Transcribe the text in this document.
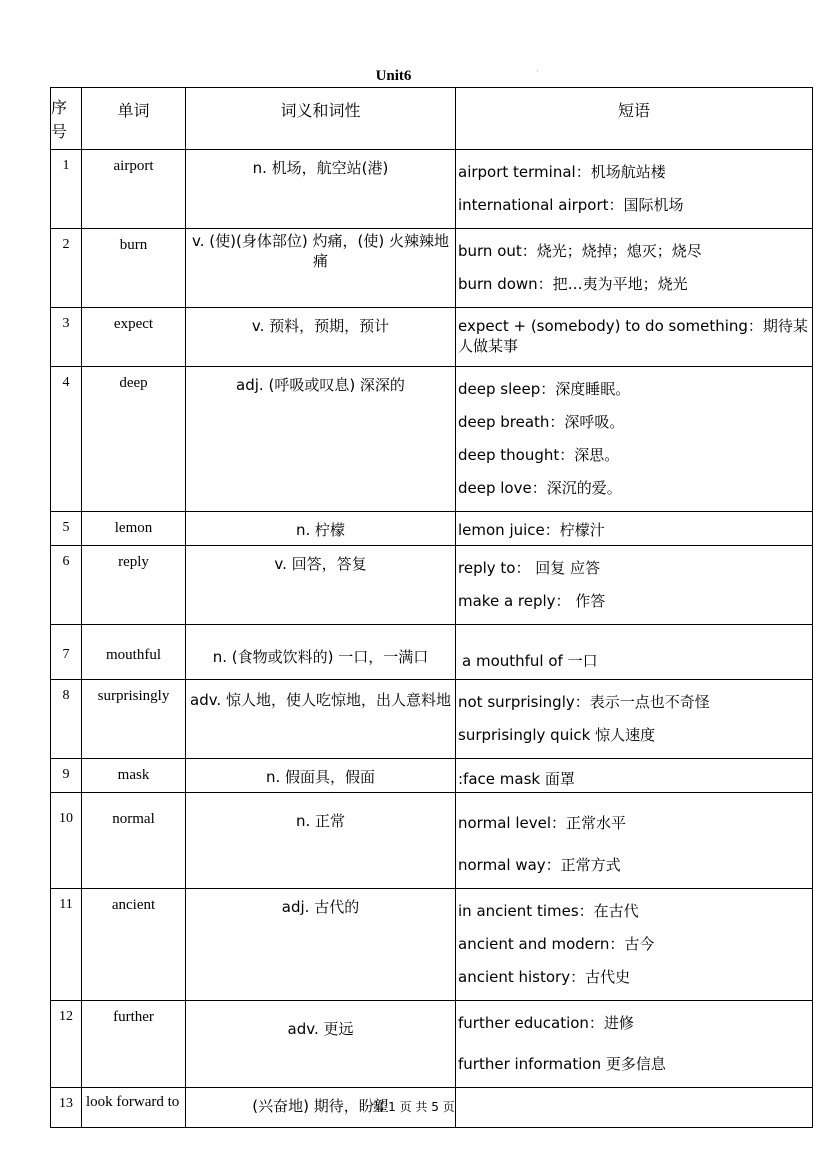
Unit6	'
序号	单词	词义和词性	短语
1	airport	n. 机场，航空站(港)	airport terminal：机场航站楼
international airport：国际机场

2	burn	v. (使)(身体部位) 灼痛，(使) 火辣辣地 痛	burn out：烧光；烧掉；熄灭；烧尽
burn down：把…夷为平地；烧光

3	expect	v. 预料，预期，预计	expect + (somebody) to do something：期待某人做某事

4	deep	adj. (呼吸或叹息) 深深的	deep sleep：深度睡眠。
deep breath：深呼吸。
deep thought：深思。
deep love：深沉的爱。

5	lemon	n. 柠檬	lemon juice：柠檬汁

6	reply	v. 回答，答复	reply to： 回复 应答
make a reply： 作答

7	mouthful	n. (食物或饮料的) 一口，一满口	a mouthful of 一口

8	surprisingly	adv. 惊人地，使人吃惊地，出人意料地	not surprisingly：表示一点也不奇怪
surprisingly quick 惊人速度

9	mask	n. 假面具，假面	:face mask 面罩

10	normal	n. 正常	normal level：正常水平
normal way：正常方式

11	ancient	adj. 古代的	in ancient times：在古代
ancient and modern：古今
ancient history：古代史

12	further	adv. 更远	further education：进修
further information 更多信息

13	look forward to	(兴奋地) 期待，盼望	
第 1 页 共 5 页
